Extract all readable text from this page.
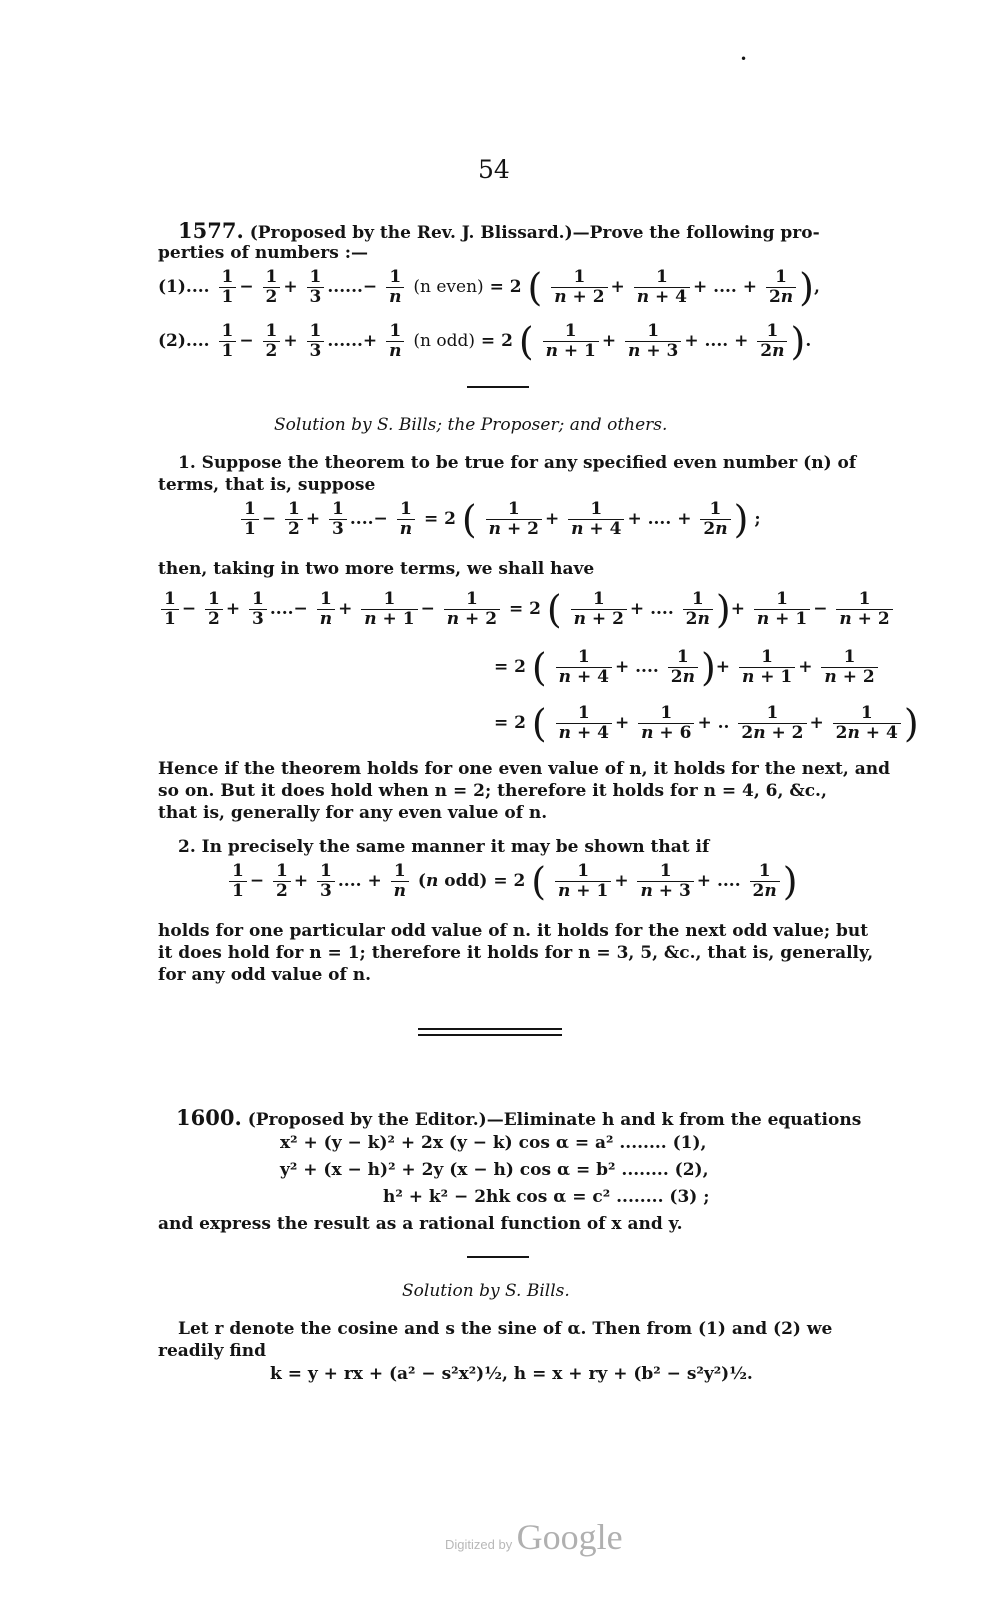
•
54
1577. (Proposed by the Rev. J. Blissard.)—Prove the following pro-
perties of numbers :—
(1).... $\frac{1}{1} - \frac{1}{2} + \frac{1}{3}$ ......− $\frac{1}{n} (n$ even) = 2 ( $\frac{1}{n + 2} + \frac{1}{n + 4}$ + .... + $\frac{1}{2n}$ ),
(2).... $\frac{1}{1} - \frac{1}{2} + \frac{1}{3}$ ......+ $\frac{1}{n} (n$ odd) = 2 ( $\frac{1}{n + 1} + \frac{1}{n + 3}$ + .... + $\frac{1}{2n}$ ).
Solution by S. Bills; the Proposer; and others.
1. Suppose the theorem to be true for any specified even number (n) of
terms, that is, suppose
$\frac{1}{1} - \frac{1}{2} + \frac{1}{3}$ ....− $\frac{1}{n} = 2$ ( $\frac{1}{n + 2} + \frac{1}{n + 4}$ + .... + $\frac{1}{2n}$ ) ;
then, taking in two more terms, we shall have
$\frac{1}{1} - \frac{1}{2} + \frac{1}{3}$ ....− $\frac{1}{n} + \frac{1}{n + 1} - \frac{1}{n + 2} = 2$ ( $\frac{1}{n + 2}$ + .... $\frac{1}{2n}$ )+ $\frac{1}{n + 1} - \frac{1}{n + 2}$
= 2 ( $\frac{1}{n + 4}$ + .... $\frac{1}{2n}$ )+ $\frac{1}{n + 1} + \frac{1}{n + 2}$
= 2 ( $\frac{1}{n + 4} + \frac{1}{n + 6}$ + .. $\frac{1}{2n + 2} + \frac{1}{2n + 4}$ )
Hence if the theorem holds for one even value of n, it holds for the next, and
so on. But it does hold when n = 2; therefore it holds for n = 4, 6, &c.,
that is, generally for any even value of n.
2. In precisely the same manner it may be shown that if
$\frac{1}{1} - \frac{1}{2} + \frac{1}{3}$ .... + $\frac{1}{n} (n$ odd) = 2 ( $\frac{1}{n + 1} + \frac{1}{n + 3}$ + .... $\frac{1}{2n}$ )
holds for one particular odd value of n. it holds for the next odd value; but
it does hold for n = 1; therefore it holds for n = 3, 5, &c., that is, generally,
for any odd value of n.
1600. (Proposed by the Editor.)—Eliminate h and k from the equations
x² + (y − k)² + 2x (y − k) cos α = a² ........ (1),
y² + (x − h)² + 2y (x − h) cos α = b² ........ (2),
h² + k² − 2hk cos α = c² ........ (3) ;
and express the result as a rational function of x and y.
Solution by S. Bills.
Let r denote the cosine and s the sine of α. Then from (1) and (2) we
readily find
k = y + rx + (a² − s²x²)½, h = x + ry + (b² − s²y²)½.
Digitized by Google
